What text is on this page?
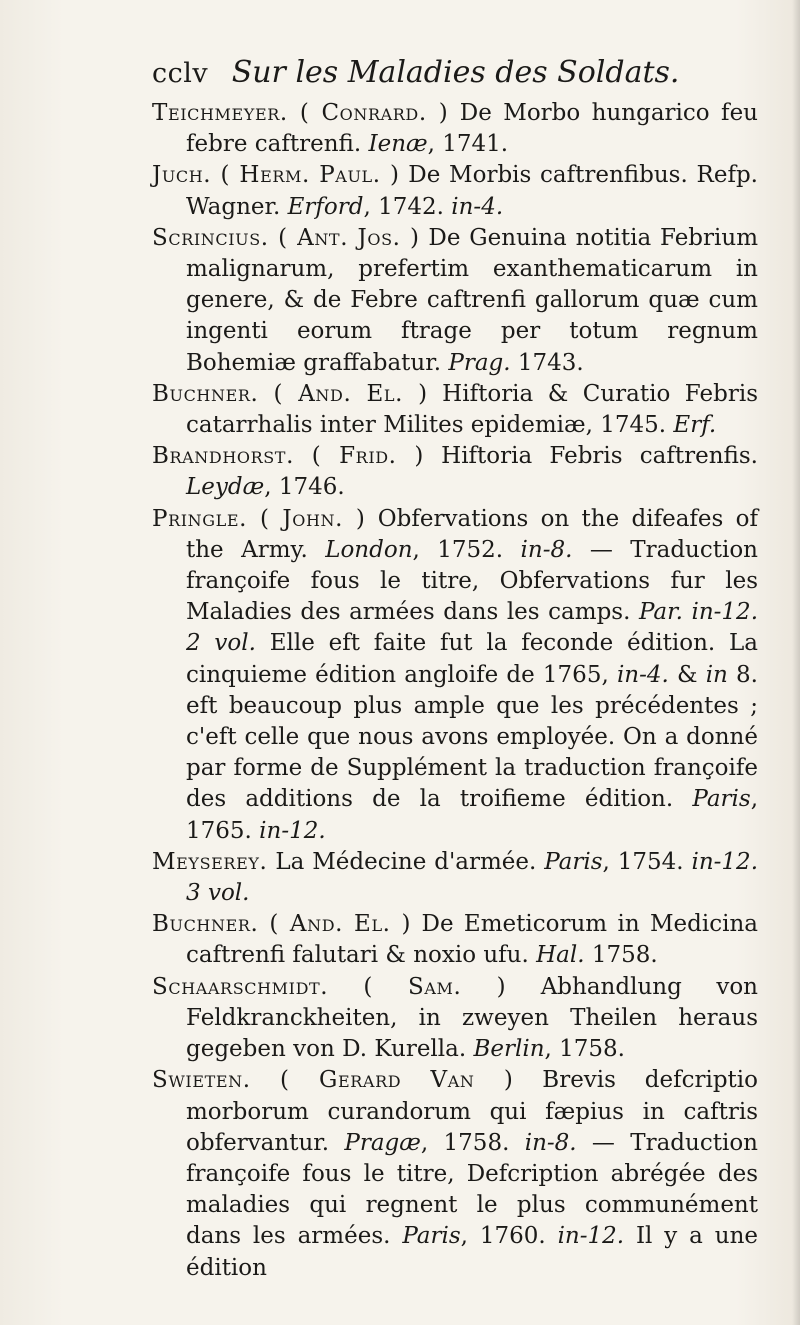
cclv Sur les Maladies des Soldats.
Teichmeyer. ( Conrard. ) De Morbo hungarico feu febre caftrenfi. Ienæ, 1741.
Juch. ( Herm. Paul. ) De Morbis caftrenfibus. Refp. Wagner. Erford, 1742. in-4.
Scrincius. ( Ant. Jos. ) De Genuina notitia Febrium malignarum, prefertim exanthematicarum in genere, & de Febre caftrenfi gallorum quæ cum ingenti eorum ftrage per totum regnum Bohemiæ graffabatur. Prag. 1743.
Buchner. ( And. El. ) Hiftoria & Curatio Febris catarrhalis inter Milites epidemiæ, 1745. Erf.
Brandhorst. ( Frid. ) Hiftoria Febris caftrenfis. Leydæ, 1746.
Pringle. ( John. ) Obfervations on the difeafes of the Army. London, 1752. in-8. — Traduction françoife fous le titre, Obfervations fur les Maladies des armées dans les camps. Par. in-12. 2 vol. Elle eft faite fut la feconde édition. La cinquieme édition angloife de 1765, in-4. & in 8. eft beaucoup plus ample que les précédentes ; c'eft celle que nous avons employée. On a donné par forme de Supplément la traduction françoife des additions de la troifieme édition. Paris, 1765. in-12.
Meyserey. La Médecine d'armée. Paris, 1754. in-12. 3 vol.
Buchner. ( And. El. ) De Emeticorum in Medicina caftrenfi falutari & noxio ufu. Hal. 1758.
Schaarschmidt. ( Sam. ) Abhandlung von Feldkranckheiten, in zweyen Theilen heraus gegeben von D. Kurella. Berlin, 1758.
Swieten. ( Gerard Van ) Brevis defcriptio morborum curandorum qui fæpius in caftris obfervantur. Pragæ, 1758. in-8. — Traduction françoife fous le titre, Defcription abrégée des maladies qui regnent le plus communément dans les armées. Paris, 1760. in-12. Il y a une édition
